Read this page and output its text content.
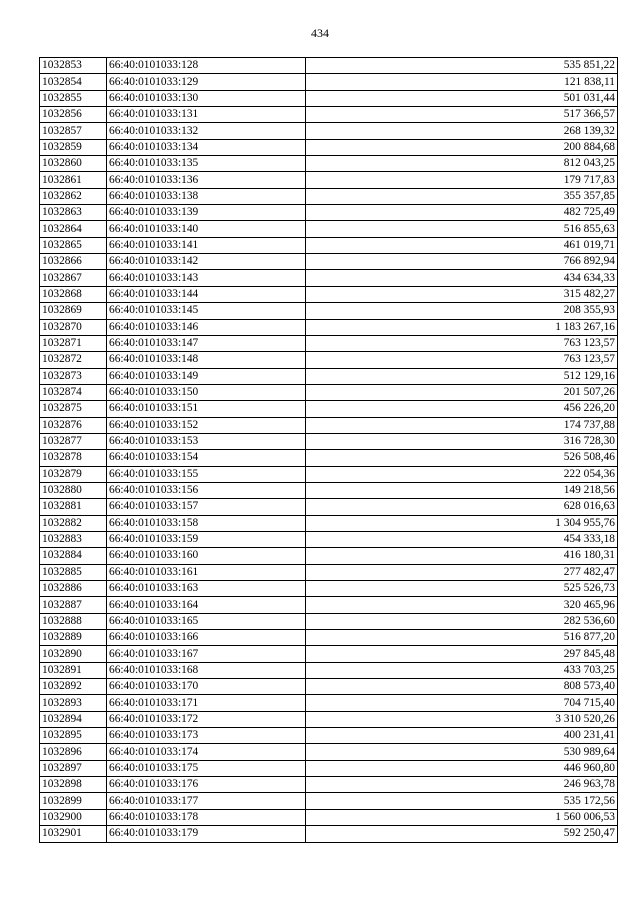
434
1032853	66:40:0101033:128	535 851,22
1032854	66:40:0101033:129	121 838,11
1032855	66:40:0101033:130	501 031,44
1032856	66:40:0101033:131	517 366,57
1032857	66:40:0101033:132	268 139,32
1032859	66:40:0101033:134	200 884,68
1032860	66:40:0101033:135	812 043,25
1032861	66:40:0101033:136	179 717,83
1032862	66:40:0101033:138	355 357,85
1032863	66:40:0101033:139	482 725,49
1032864	66:40:0101033:140	516 855,63
1032865	66:40:0101033:141	461 019,71
1032866	66:40:0101033:142	766 892,94
1032867	66:40:0101033:143	434 634,33
1032868	66:40:0101033:144	315 482,27
1032869	66:40:0101033:145	208 355,93
1032870	66:40:0101033:146	1 183 267,16
1032871	66:40:0101033:147	763 123,57
1032872	66:40:0101033:148	763 123,57
1032873	66:40:0101033:149	512 129,16
1032874	66:40:0101033:150	201 507,26
1032875	66:40:0101033:151	456 226,20
1032876	66:40:0101033:152	174 737,88
1032877	66:40:0101033:153	316 728,30
1032878	66:40:0101033:154	526 508,46
1032879	66:40:0101033:155	222 054,36
1032880	66:40:0101033:156	149 218,56
1032881	66:40:0101033:157	628 016,63
1032882	66:40:0101033:158	1 304 955,76
1032883	66:40:0101033:159	454 333,18
1032884	66:40:0101033:160	416 180,31
1032885	66:40:0101033:161	277 482,47
1032886	66:40:0101033:163	525 526,73
1032887	66:40:0101033:164	320 465,96
1032888	66:40:0101033:165	282 536,60
1032889	66:40:0101033:166	516 877,20
1032890	66:40:0101033:167	297 845,48
1032891	66:40:0101033:168	433 703,25
1032892	66:40:0101033:170	808 573,40
1032893	66:40:0101033:171	704 715,40
1032894	66:40:0101033:172	3 310 520,26
1032895	66:40:0101033:173	400 231,41
1032896	66:40:0101033:174	530 989,64
1032897	66:40:0101033:175	446 960,80
1032898	66:40:0101033:176	246 963,78
1032899	66:40:0101033:177	535 172,56
1032900	66:40:0101033:178	1 560 006,53
1032901	66:40:0101033:179	592 250,47
